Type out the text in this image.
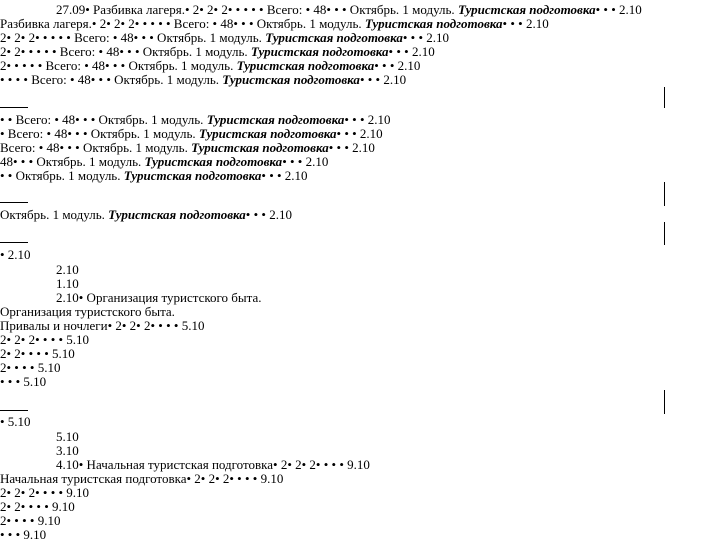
27.09• Разбивка лагеря.• 2• 2• 2• • • • • Всего: • 48• • • Октябрь. 1 модуль. Туристская подготовка• • • 2.10
Разбивка лагеря.• 2• 2• 2• • • • • Всего: • 48• • • Октябрь. 1 модуль. Туристская подготовка• • • 2.10
2• 2• 2• • • • • Всего: • 48• • • Октябрь. 1 модуль. Туристская подготовка• • • 2.10
2• 2• • • • • Всего: • 48• • • Октябрь. 1 модуль. Туристская подготовка• • • 2.10
2• • • • • Всего: • 48• • • Октябрь. 1 модуль. Туристская подготовка• • • 2.10
• • • • Всего: • 48• • • Октябрь. 1 модуль. Туристская подготовка• • • 2.10
• • Всего: • 48• • • Октябрь. 1 модуль. Туристская подготовка• • • 2.10
• Всего: • 48• • • Октябрь. 1 модуль. Туристская подготовка• • • 2.10
Всего: • 48• • • Октябрь. 1 модуль. Туристская подготовка• • • 2.10
48• • • Октябрь. 1 модуль. Туристская подготовка• • • 2.10
• • Октябрь. 1 модуль. Туристская подготовка• • • 2.10
Октябрь. 1 модуль. Туристская подготовка• • • 2.10
• 2.10
2.10
1.10
2.10• Организация туристского быта.
Организация туристского быта.
Привалы и ночлеги• 2• 2• 2• • • • 5.10
2• 2• 2• • • • 5.10
2• 2• • • • 5.10
2• • • • 5.10
• • • 5.10
• 5.10
5.10
3.10
4.10• Начальная туристская подготовка• 2• 2• 2• • • • 9.10
Начальная туристская подготовка• 2• 2• 2• • • • 9.10
2• 2• 2• • • • 9.10
2• 2• • • • 9.10
2• • • • 9.10
• • • 9.10
